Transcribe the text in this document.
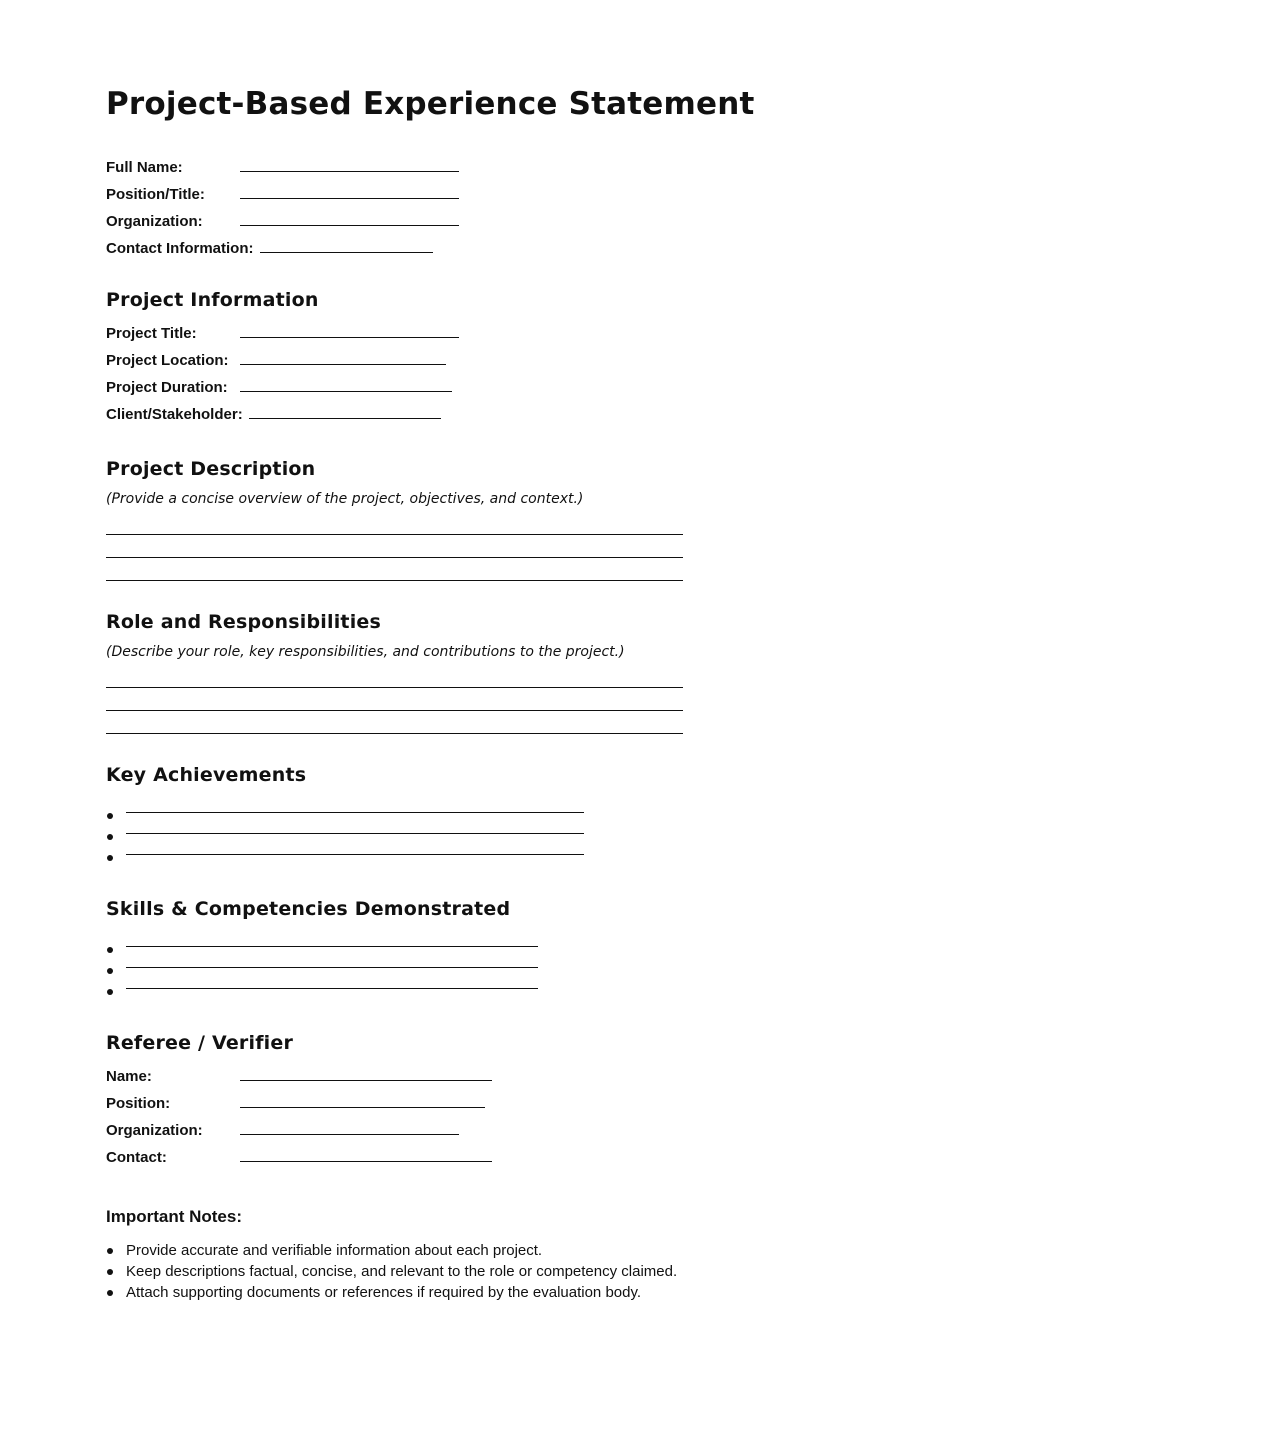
Project-Based Experience Statement
Full Name:
Position/Title:
Organization:
Contact Information:
Project Information
Project Title:
Project Location:
Project Duration:
Client/Stakeholder:
Project Description
(Provide a concise overview of the project, objectives, and context.)
Role and Responsibilities
(Describe your role, key responsibilities, and contributions to the project.)
Key Achievements
Skills & Competencies Demonstrated
Referee / Verifier
Name:
Position:
Organization:
Contact:
Important Notes:
Provide accurate and verifiable information about each project.
Keep descriptions factual, concise, and relevant to the role or competency claimed.
Attach supporting documents or references if required by the evaluation body.
